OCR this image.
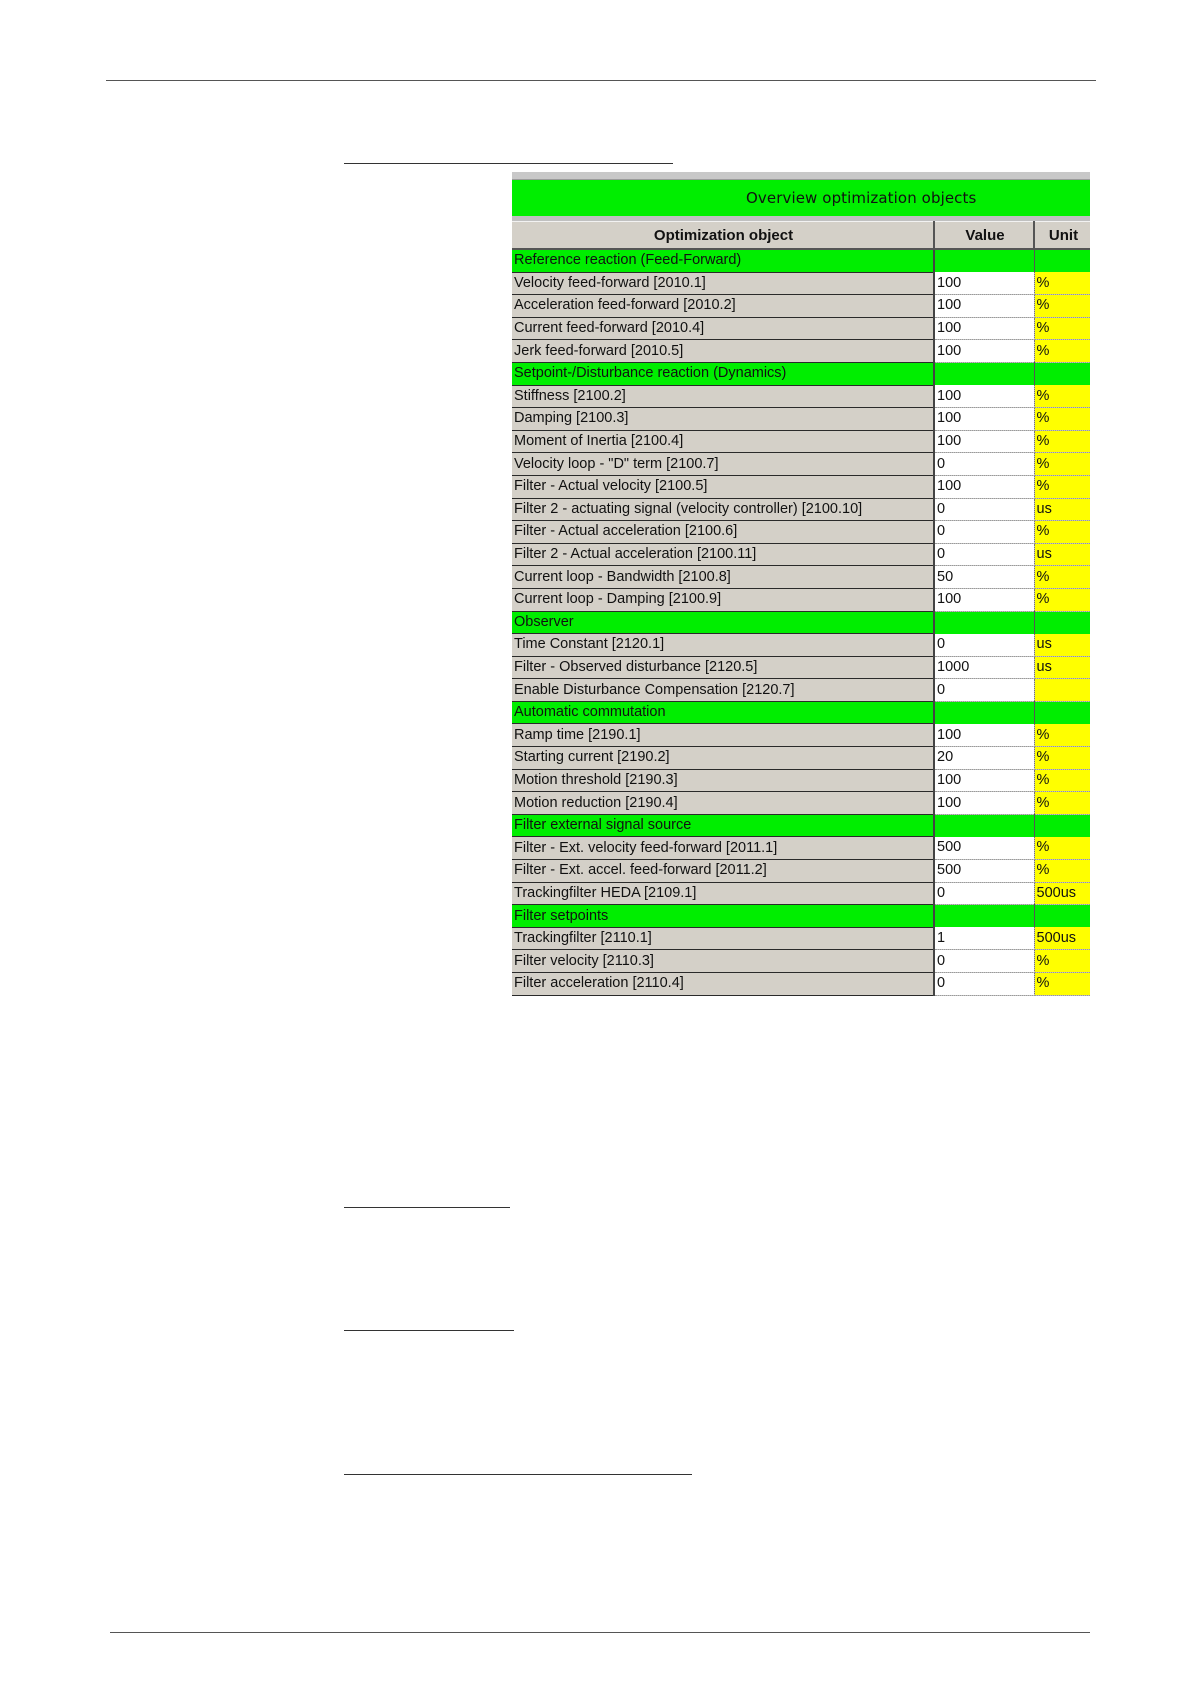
Overview optimization objects
Optimization object	Value	Unit
Reference reaction (Feed-Forward)		
Velocity feed-forward [2010.1]	100	%
Acceleration feed-forward [2010.2]	100	%
Current feed-forward [2010.4]	100	%
Jerk feed-forward [2010.5]	100	%
Setpoint-/Disturbance reaction (Dynamics)		
Stiffness [2100.2]	100	%
Damping [2100.3]	100	%
Moment of Inertia [2100.4]	100	%
Velocity loop - "D" term [2100.7]	0	%
Filter - Actual velocity [2100.5]	100	%
Filter 2 - actuating signal (velocity controller) [2100.10]	0	us
Filter - Actual acceleration [2100.6]	0	%
Filter 2 - Actual acceleration [2100.11]	0	us
Current loop - Bandwidth [2100.8]	50	%
Current loop - Damping [2100.9]	100	%
Observer		
Time Constant [2120.1]	0	us
Filter - Observed disturbance [2120.5]	1000	us
Enable Disturbance Compensation [2120.7]	0	
Automatic commutation		
Ramp time [2190.1]	100	%
Starting current [2190.2]	20	%
Motion threshold [2190.3]	100	%
Motion reduction [2190.4]	100	%
Filter external signal source		
Filter - Ext. velocity feed-forward [2011.1]	500	%
Filter - Ext. accel. feed-forward [2011.2]	500	%
Trackingfilter HEDA [2109.1]	0	500us
Filter setpoints		
Trackingfilter [2110.1]	1	500us
Filter velocity [2110.3]	0	%
Filter acceleration [2110.4]	0	%
